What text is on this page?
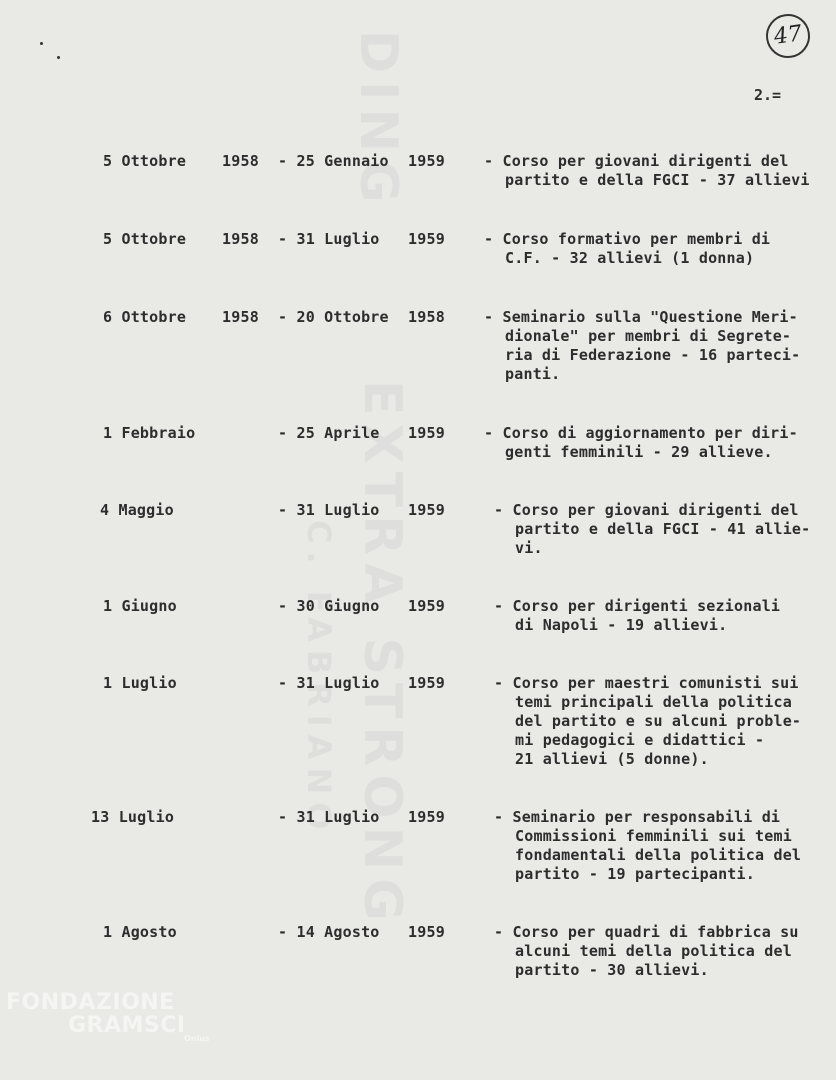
47
2.=
5 Ottobre 1958 - 25 Gennaio 1959	- Corso per giovani dirigenti del
partito e della FGCI - 37 allievi
5 Ottobre 1958 - 31 Luglio 1959	- Corso formativo per membri di
C.F. - 32 allievi (1 donna)
6 Ottobre 1958 - 20 Ottobre 1958	- Seminario sulla "Questione Meri-
dionale" per membri di Segrete-
ria di Federazione - 16 parteci-
panti.
1 Febbraio	- 25 Aprile 1959	- Corso di aggiornamento per diri-
genti femminili - 29 allieve.
4 Maggio	- 31 Luglio 1959	- Corso per giovani dirigenti del
partito e della FGCI - 41 allie-
vi.
1 Giugno	- 30 Giugno 1959	- Corso per dirigenti sezionali
di Napoli - 19 allievi.
1 Luglio	- 31 Luglio 1959	- Corso per maestri comunisti sui
temi principali della politica
del partito e su alcuni proble-
mi pedagogici e didattici -
21 allievi (5 donne).
13 Luglio	- 31 Luglio 1959	- Seminario per responsabili di
Commissioni femminili sui temi
fondamentali della politica del
partito - 19 partecipanti.
1 Agosto	- 14 Agosto 1959	- Corso per quadri di fabbrica su
alcuni temi della politica del
partito - 30 allievi.
FONDAZIONE
GRAMSCI
Onlus
